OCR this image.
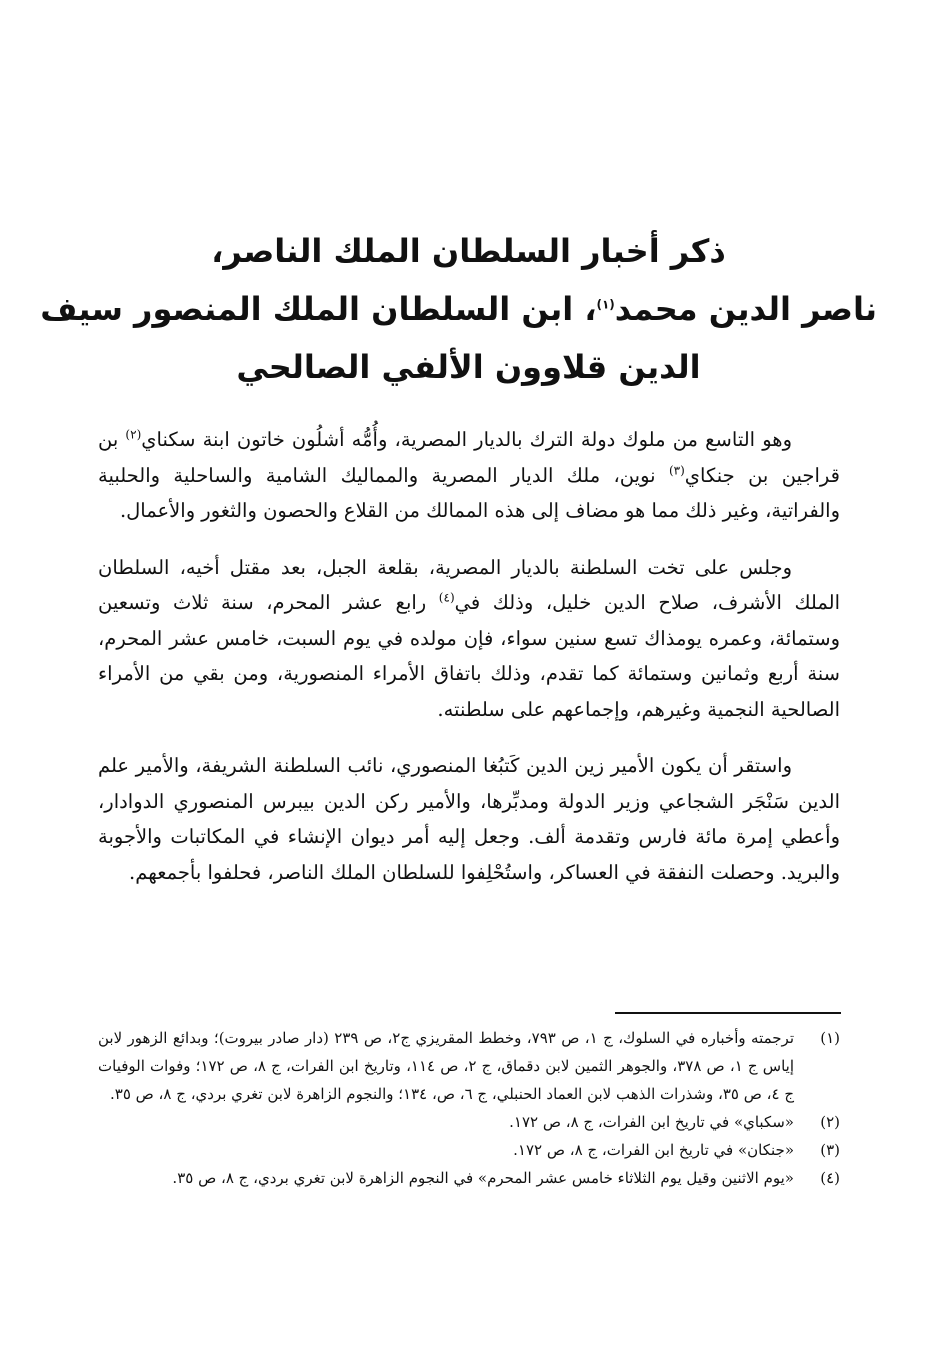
ذكر أخبار السلطان الملك الناصر،
ناصر الدين محمد$^{(١)}$، ابن السلطان الملك المنصور سيف
الدين قلاوون الألفي الصالحي

وهو التاسع من ملوك دولة الترك بالديار المصرية، وأُمُّه أشلُون خاتون ابنة سكناي$^{(٢)}$ بن قراجين بن جنكاي$^{(٣)}$ نوين، ملك الديار المصرية والمماليك الشامية والساحلية والحلبية والفراتية، وغير ذلك مما هو مضاف إلى هذه الممالك من القلاع والحصون والثغور والأعمال.

وجلس على تخت السلطنة بالديار المصرية، بقلعة الجبل، بعد مقتل أخيه، السلطان الملك الأشرف، صلاح الدين خليل، وذلك في$^{(٤)}$ رابع عشر المحرم، سنة ثلاث وتسعين وستمائة، وعمره يومذاك تسع سنين سواء، فإن مولده في يوم السبت، خامس عشر المحرم، سنة أربع وثمانين وستمائة كما تقدم، وذلك باتفاق الأمراء المنصورية، ومن بقي من الأمراء الصالحية النجمية وغيرهم، وإجماعهم على سلطنته.

واستقر أن يكون الأمير زين الدين كَتبُغا المنصوري، نائب السلطنة الشريفة، والأمير علم الدين سَنْجَر الشجاعي وزير الدولة ومدبِّرها، والأمير ركن الدين بيبرس المنصوري الدوادار، وأعطي إمرة مائة فارس وتقدمة ألف. وجعل إليه أمر ديوان الإنشاء في المكاتبات والأجوبة والبريد. وحصلت النفقة في العساكر، واستُحْلِفوا للسلطان الملك الناصر، فحلفوا بأجمعهم.

(١)
ترجمته وأخباره في السلوك، ج ١، ص ٧٩٣، وخطط المقريزي ج٢، ص ٢٣٩ (دار صادر بيروت)؛ وبدائع الزهور لابن إياس ج ١، ص ٣٧٨، والجوهر الثمين لابن دقماق، ج ٢، ص ١١٤، وتاريخ ابن الفرات، ج ٨، ص ١٧٢؛ وفوات الوفيات ج ٤، ص ٣٥، وشذرات الذهب لابن العماد الحنبلي، ج ٦، ص، ١٣٤؛ والنجوم الزاهرة لابن تغري بردي، ج ٨، ص ٣٥.
(٢)
«سكباي» في تاريخ ابن الفرات، ج ٨، ص ١٧٢.
(٣)
«جنكان» في تاريخ ابن الفرات، ج ٨، ص ١٧٢.
(٤)
«يوم الاثنين وقيل يوم الثلاثاء خامس عشر المحرم» في النجوم الزاهرة لابن تغري بردي، ج ٨، ص ٣٥.
